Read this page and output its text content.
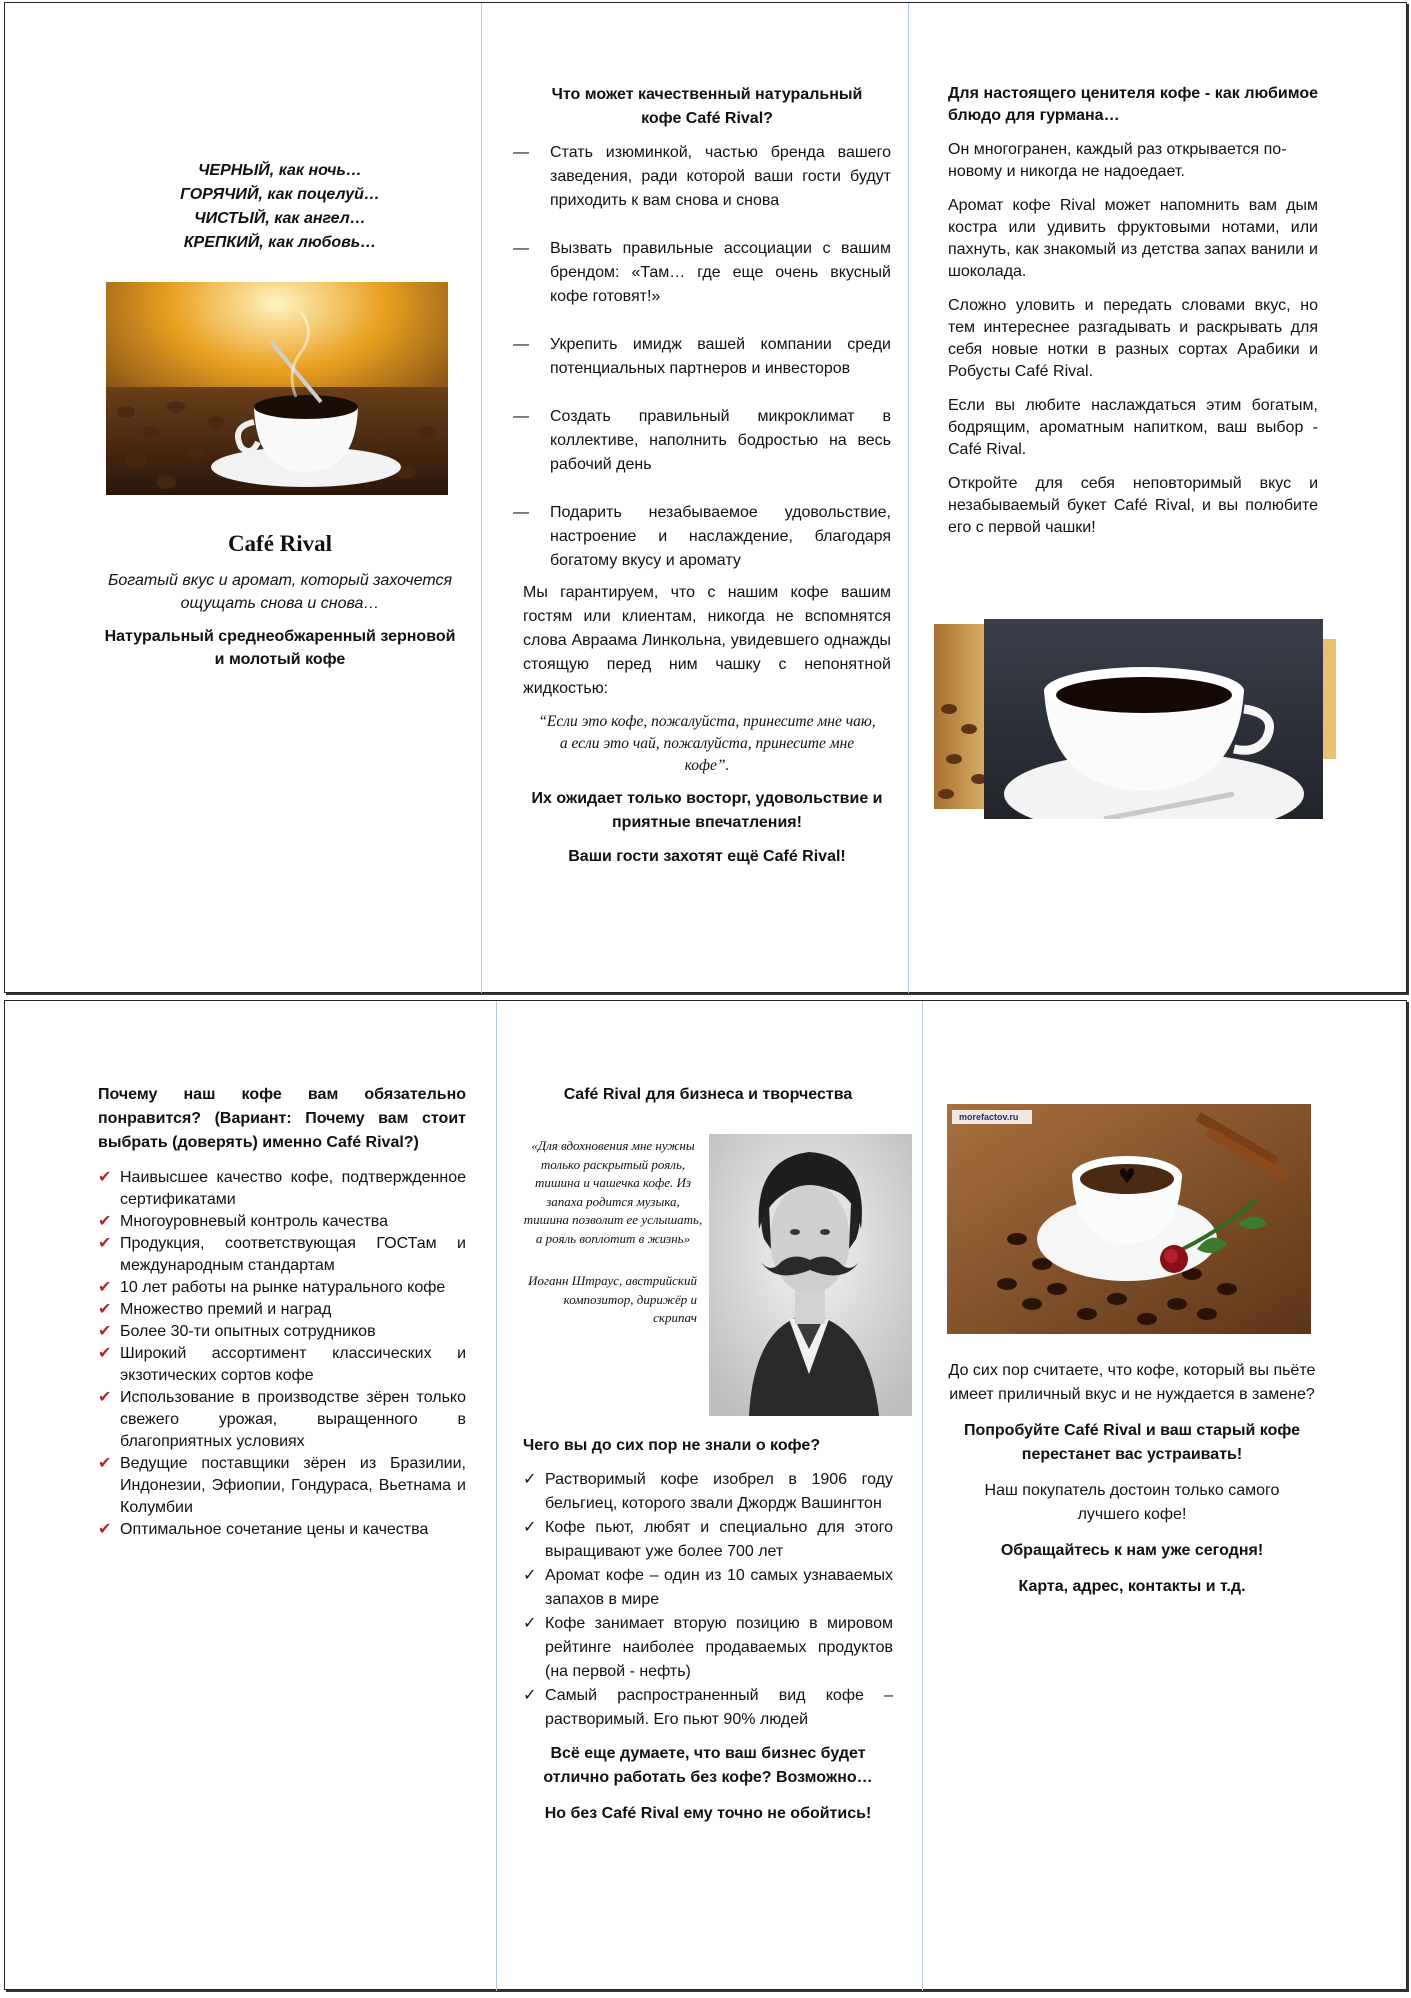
ЧЕРНЫЙ, как ночь…
ГОРЯЧИЙ, как поцелуй…
ЧИСТЫЙ, как ангел…
КРЕПКИЙ, как любовь…
Café Rival
Богатый вкус и аромат, который захочется ощущать снова и снова…
Натуральный среднеобжаренный зерновой и молотый кофе
Что может качественный натуральный кофе Café Rival?
— Стать изюминкой, частью бренда вашего заведения, ради которой ваши гости будут приходить к вам снова и снова
— Вызвать правильные ассоциации с вашим брендом: «Там… где еще очень вкусный кофе готовят!»
— Укрепить имидж вашей компании среди потенциальных партнеров и инвесторов
— Создать правильный микроклимат в коллективе, наполнить бодростью на весь рабочий день
— Подарить незабываемое удовольствие, настроение и наслаждение, благодаря богатому вкусу и аромату

Мы гарантируем, что с нашим кофе вашим гостям или клиентам, никогда не вспомнятся слова Авраама Линкольна, увидевшего однажды стоящую перед ним чашку с непонятной жидкостью:

“Если это кофе, пожалуйста, принесите мне чаю, а если это чай, пожалуйста, принесите мне кофе”.

Их ожидает только восторг, удовольствие и приятные впечатления!

Ваши гости захотят ещё Café Rival!

Для настоящего ценителя кофе - как любимое блюдо для гурмана…

Он многогранен, каждый раз открывается по-новому и никогда не надоедает.

Аромат кофе Rival может напомнить вам дым костра или удивить фруктовыми нотами, или пахнуть, как знакомый из детства запах ванили и шоколада.

Сложно уловить и передать словами вкус, но тем интереснее разгадывать и раскрывать для себя новые нотки в разных сортах Арабики и Робусты Café Rival.

Если вы любите наслаждаться этим богатым, бодрящим, ароматным напитком, ваш выбор - Café Rival.

Откройте для себя неповторимый вкус и незабываемый букет Café Rival, и вы полюбите его с первой чашки!

Почему наш кофе вам обязательно понравится? (Вариант: Почему вам стоит выбрать (доверять) именно Café Rival?)

✔ Наивысшее качество кофе, подтвержденное сертификатами
✔ Многоуровневый контроль качества
✔ Продукция, соответствующая ГОСТам и международным стандартам
✔ 10 лет работы на рынке натурального кофе
✔ Множество премий и наград
✔ Более 30-ти опытных сотрудников
✔ Широкий ассортимент классических и экзотических сортов кофе
✔ Использование в производстве зёрен только свежего урожая, выращенного в благоприятных условиях
✔ Ведущие поставщики зёрен из Бразилии, Индонезии, Эфиопии, Гондураса, Вьетнама и Колумбии
✔ Оптимальное сочетание цены и качества

Café Rival для бизнеса и творчества

«Для вдохновения мне нужны только раскрытый рояль, тишина и чашечка кофе. Из запаха родится музыка, тишина позволит ее услышать, а рояль воплотит в жизнь»

Иоганн Штраус, австрийский композитор, дирижёр и скрипач

Чего вы до сих пор не знали о кофе?

✓ Растворимый кофе изобрел в 1906 году бельгиец, которого звали Джордж Вашингтон
✓ Кофе пьют, любят и специально для этого выращивают уже более 700 лет
✓ Аромат кофе – один из 10 самых узнаваемых запахов в мире
✓ Кофе занимает вторую позицию в мировом рейтинге наиболее продаваемых продуктов (на первой - нефть)
✓ Самый распространенный вид кофе – растворимый. Его пьют 90% людей

Всё еще думаете, что ваш бизнес будет отлично работать без кофе? Возможно…

Но без Café Rival ему точно не обойтись!

morefactov.ru

До сих пор считаете, что кофе, который вы пьёте имеет приличный вкус и не нуждается в замене?

Попробуйте Café Rival и ваш старый кофе перестанет вас устраивать!

Наш покупатель достоин только самого лучшего кофе!

Обращайтесь к нам уже сегодня!

Карта, адрес, контакты и т.д.
